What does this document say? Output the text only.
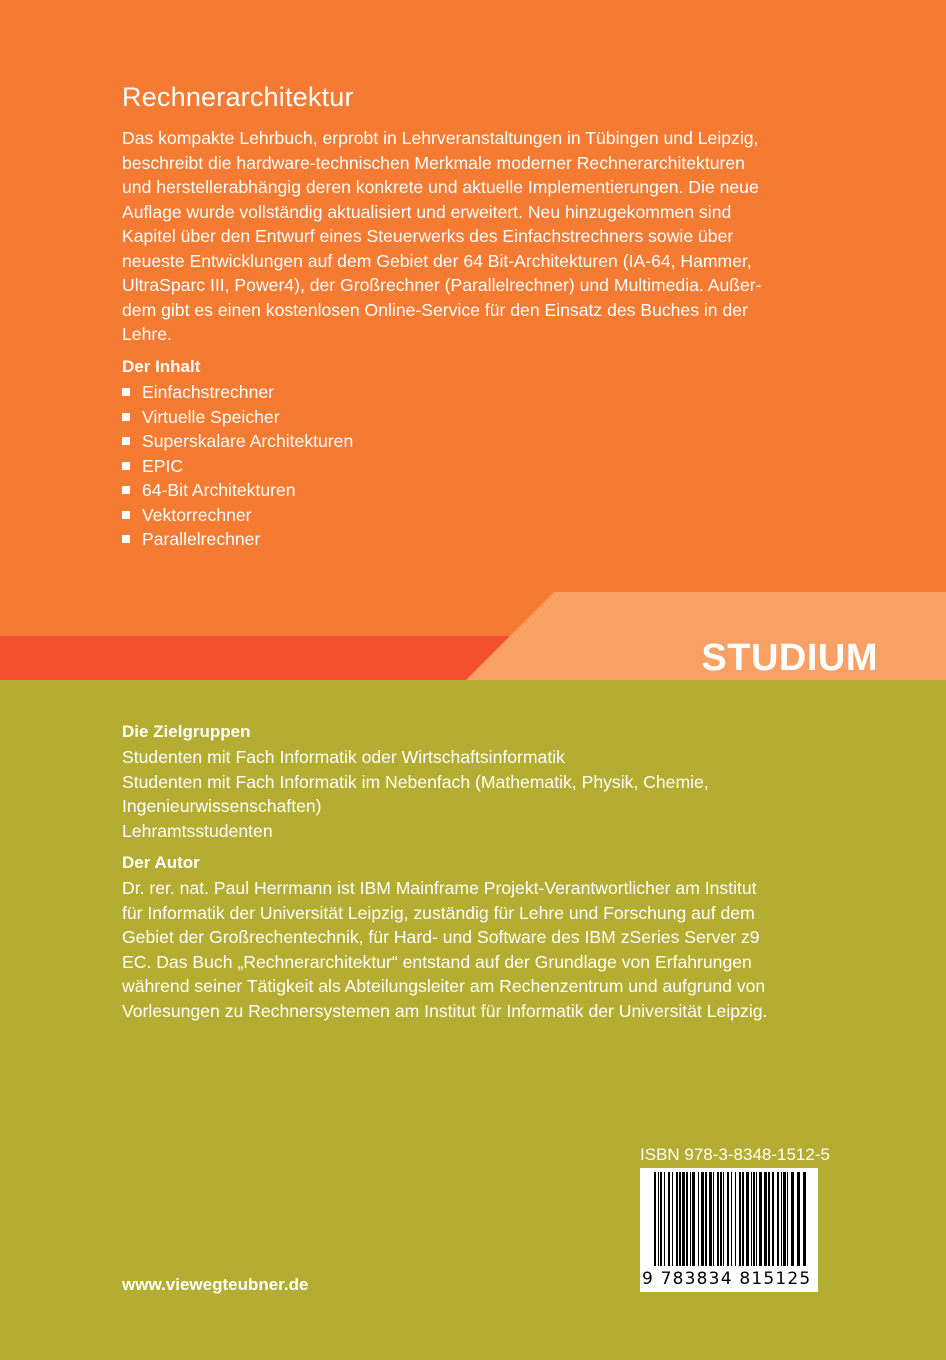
Rechnerarchitektur

Das kompakte Lehrbuch, erprobt in Lehrveranstaltungen in Tübingen und Leipzig,
beschreibt die hardware-technischen Merkmale moderner Rechnerarchitekturen
und herstellerabhängig deren konkrete und aktuelle Implementierungen. Die neue
Auflage wurde vollständig aktualisiert und erweitert. Neu hinzugekommen sind
Kapitel über den Entwurf eines Steuerwerks des Einfachstrechners sowie über
neueste Entwicklungen auf dem Gebiet der 64 Bit-Architekturen (IA-64, Hammer,
UltraSparc III, Power4), der Großrechner (Parallelrechner) und Multimedia. Außer-
dem gibt es einen kostenlosen Online-Service für den Einsatz des Buches in der
Lehre.

Der Inhalt
Einfachstrechner
Virtuelle Speicher
Superskalare Architekturen
EPIC
64-Bit Architekturen
Vektorrechner
Parallelrechner
STUDIUM
Die Zielgruppen

Studenten mit Fach Informatik oder Wirtschaftsinformatik
Studenten mit Fach Informatik im Nebenfach (Mathematik, Physik, Chemie,
Ingenieurwissenschaften)
Lehramtsstudenten

Der Autor

Dr. rer. nat. Paul Herrmann ist IBM Mainframe Projekt-Verantwortlicher am Institut
für Informatik der Universität Leipzig, zuständig für Lehre und Forschung auf dem
Gebiet der Großrechentechnik, für Hard- und Software des IBM zSeries Server z9
EC. Das Buch „Rechnerarchitektur“ entstand auf der Grundlage von Erfahrungen
während seiner Tätigkeit als Abteilungsleiter am Rechenzentrum und aufgrund von
Vorlesungen zu Rechnersystemen am Institut für Informatik der Universität Leipzig.

www.viewegteubner.de
ISBN 978-3-8348-1512-5
9 783834 815125
